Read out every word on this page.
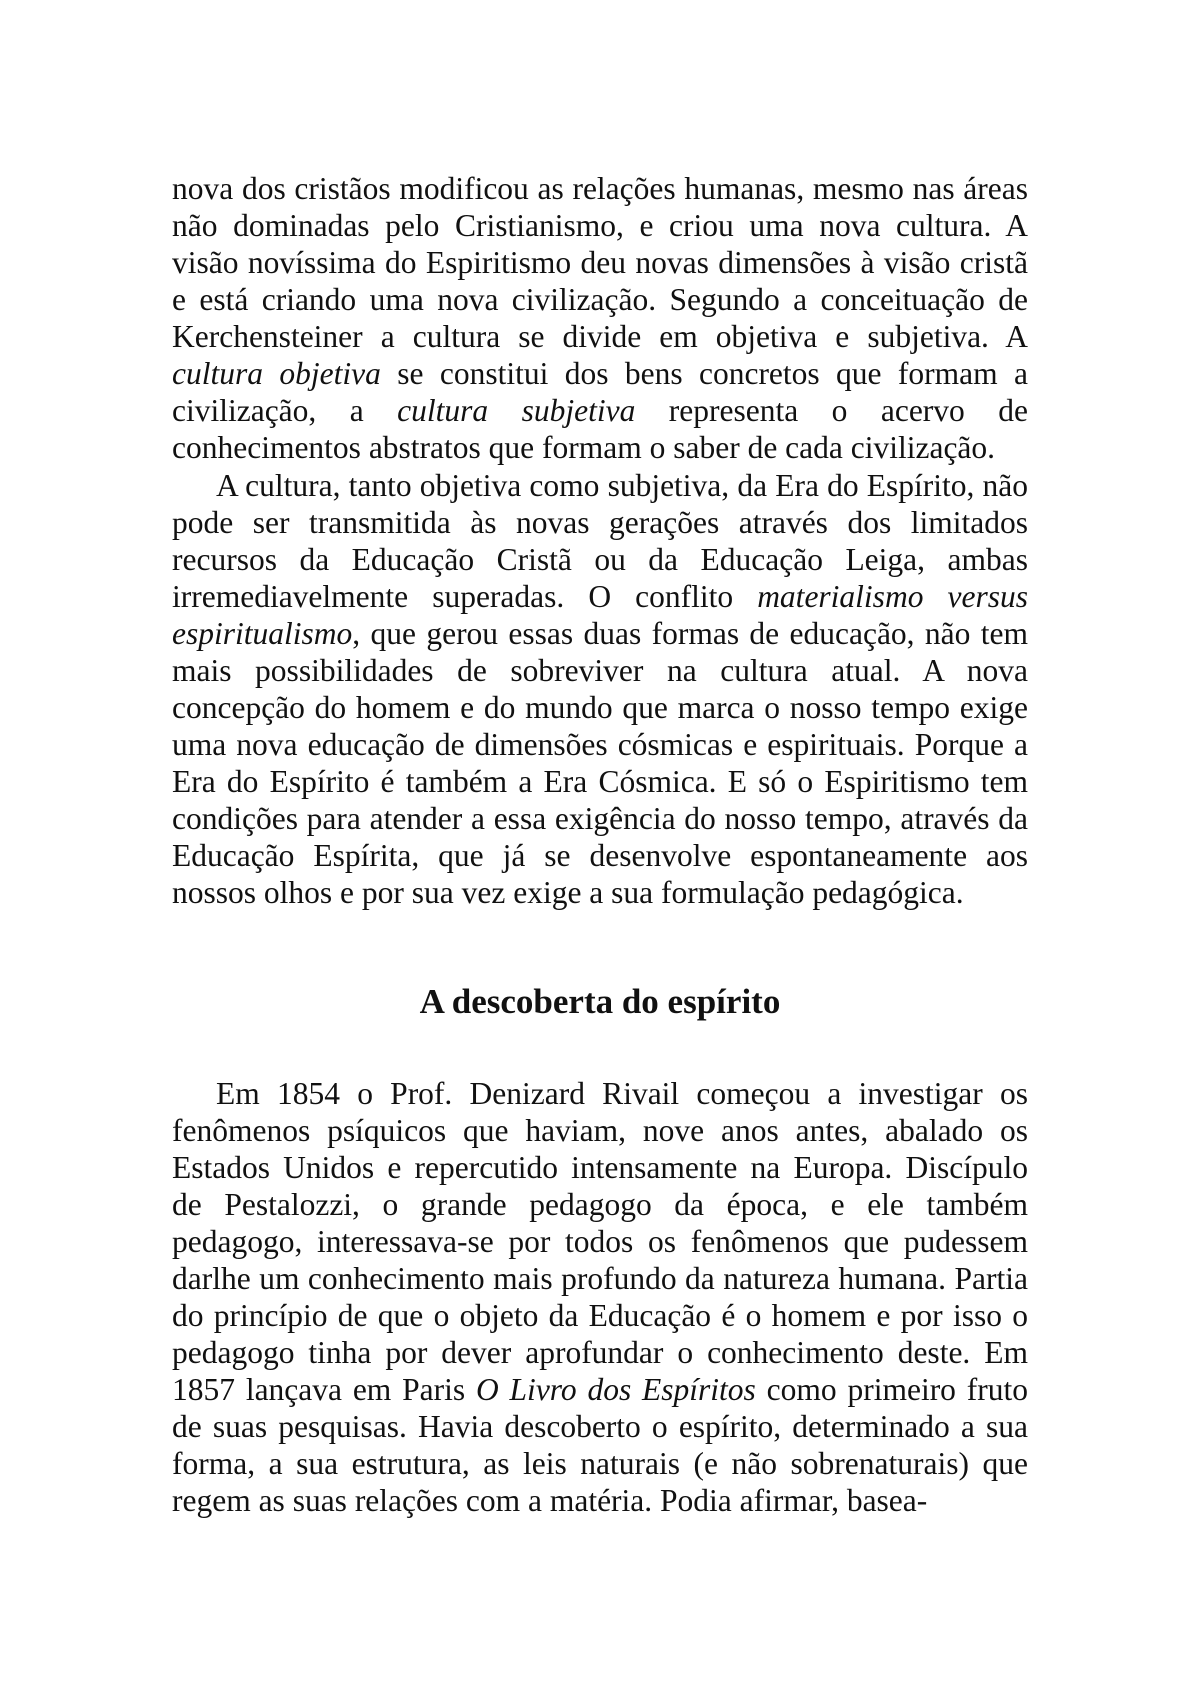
nova dos cristãos modificou as relações humanas, mesmo nas áreas não dominadas pelo Cristianismo, e criou uma nova cultura. A visão novíssima do Espiritismo deu novas dimensões à visão cristã e está criando uma nova civilização. Segundo a conceituação de Kerchensteiner a cultura se divide em objetiva e subjetiva. A cultura objetiva se constitui dos bens concretos que formam a civilização, a cultura subjetiva representa o acervo de conhecimentos abstratos que formam o saber de cada civilização.

A cultura, tanto objetiva como subjetiva, da Era do Espírito, não pode ser transmitida às novas gerações através dos limitados recursos da Educação Cristã ou da Educação Leiga, ambas irremediavelmente superadas. O conflito materialismo versus espiritualismo, que gerou essas duas formas de educação, não tem mais possibilidades de sobreviver na cultura atual. A nova concepção do homem e do mundo que marca o nosso tempo exige uma nova educação de dimensões cósmicas e espirituais. Porque a Era do Espírito é também a Era Cósmica. E só o Espiritismo tem condições para atender a essa exigência do nosso tempo, através da Educação Espírita, que já se desenvolve espontaneamente aos nossos olhos e por sua vez exige a sua formulação pedagógica.

A descoberta do espírito

Em 1854 o Prof. Denizard Rivail começou a investigar os fenômenos psíquicos que haviam, nove anos antes, abalado os Estados Unidos e repercutido intensamente na Europa. Discípulo de Pestalozzi, o grande pedagogo da época, e ele também pedagogo, interessava-se por todos os fenômenos que pudessem darlhe um conhecimento mais profundo da natureza humana. Partia do princípio de que o objeto da Educação é o homem e por isso o pedagogo tinha por dever aprofundar o conhecimento deste. Em 1857 lançava em Paris O Livro dos Espíritos como primeiro fruto de suas pesquisas. Havia descoberto o espírito, determinado a sua forma, a sua estrutura, as leis naturais (e não sobrenaturais) que regem as suas relações com a matéria. Podia afirmar, basea-
